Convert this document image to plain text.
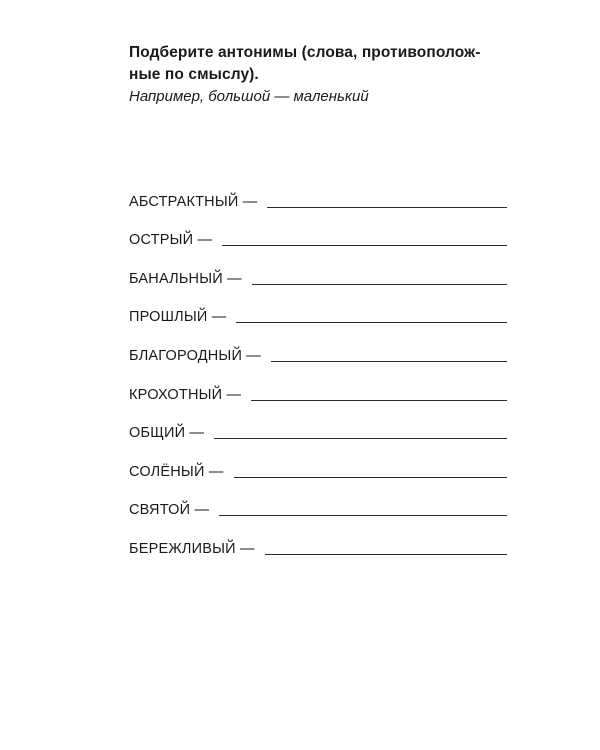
Подберите антонимы (слова, противополож-
ные по смыслу).

Например, большой — маленький

АБСТРАКТНЫЙ —
ОСТРЫЙ —
БАНАЛЬНЫЙ —
ПРОШЛЫЙ —
БЛАГОРОДНЫЙ —
КРОХОТНЫЙ —
ОБЩИЙ —
СОЛЁНЫЙ —
СВЯТОЙ —
БЕРЕЖЛИВЫЙ —
